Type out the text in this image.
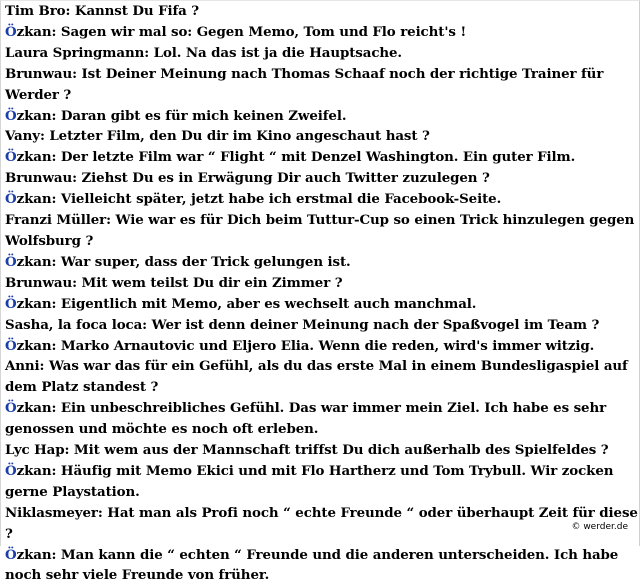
Tim Bro: Kannst Du Fifa ?
Özkan: Sagen wir mal so: Gegen Memo, Tom und Flo reicht's !
Laura Springmann: Lol. Na das ist ja die Hauptsache.
Brunwau: Ist Deiner Meinung nach Thomas Schaaf noch der richtige Trainer für Werder ?
Özkan: Daran gibt es für mich keinen Zweifel.
Vany: Letzter Film, den Du dir im Kino angeschaut hast ?
Özkan: Der letzte Film war “ Flight “ mit Denzel Washington. Ein guter Film.
Brunwau: Ziehst Du es in Erwägung Dir auch Twitter zuzulegen ?
Özkan: Vielleicht später, jetzt habe ich erstmal die Facebook-Seite.
Franzi Müller: Wie war es für Dich beim Tuttur-Cup so einen Trick hinzulegen gegen Wolfsburg ?
Özkan: War super, dass der Trick gelungen ist.
Brunwau: Mit wem teilst Du dir ein Zimmer ?
Özkan: Eigentlich mit Memo, aber es wechselt auch manchmal.
Sasha, la foca loca: Wer ist denn deiner Meinung nach der Spaßvogel im Team ?
Özkan: Marko Arnautovic und Eljero Elia. Wenn die reden, wird's immer witzig.
Anni: Was war das für ein Gefühl, als du das erste Mal in einem Bundesligaspiel auf dem Platz standest ?
Özkan: Ein unbeschreibliches Gefühl. Das war immer mein Ziel. Ich habe es sehr genossen und möchte es noch oft erleben.
Lyc Hap: Mit wem aus der Mannschaft triffst Du dich außerhalb des Spielfeldes ?
Özkan: Häufig mit Memo Ekici und mit Flo Hartherz und Tom Trybull. Wir zocken gerne Playstation.
Niklasmeyer: Hat man als Profi noch “ echte Freunde “ oder überhaupt Zeit für diese ?
Özkan: Man kann die “ echten “ Freunde und die anderen unterscheiden. Ich habe noch sehr viele Freunde von früher.
© werder.de
